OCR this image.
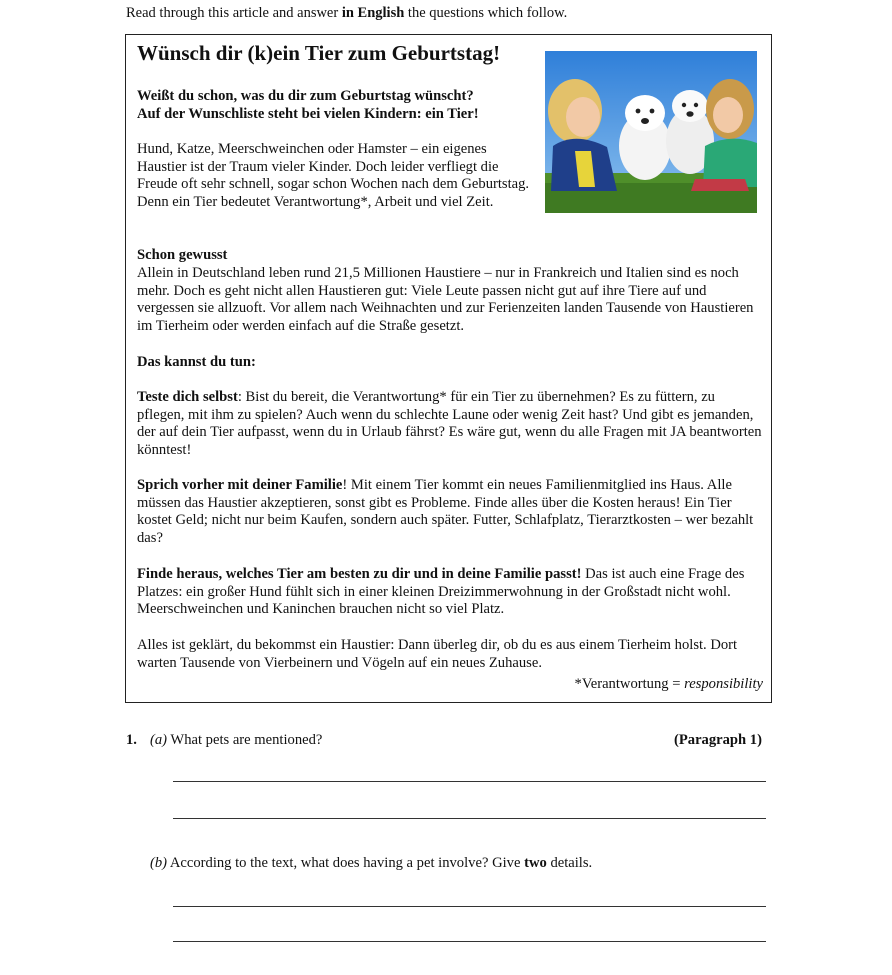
Read through this article and answer in English the questions which follow.
Wünsch dir (k)ein Tier zum Geburtstag!

Weißt du schon, was du dir zum Geburtstag wünscht?
Auf der Wunschliste steht bei vielen Kindern: ein Tier!

Hund, Katze, Meerschweinchen oder Hamster – ein eigenes Haustier ist der Traum vieler Kinder. Doch leider verfliegt die Freude oft sehr schnell, sogar schon Wochen nach dem Geburtstag. Denn ein Tier bedeutet Verantwortung*, Arbeit und viel Zeit.

Schon gewusst

Allein in Deutschland leben rund 21,5 Millionen Haustiere – nur in Frankreich und Italien sind es noch mehr. Doch es geht nicht allen Haustieren gut: Viele Leute passen nicht gut auf ihre Tiere auf und vergessen sie allzuoft. Vor allem nach Weihnachten und zur Ferienzeiten landen Tausende von Haustieren im Tierheim oder werden einfach auf die Straße gesetzt.

Das kannst du tun:

Teste dich selbst: Bist du bereit, die Verantwortung* für ein Tier zu übernehmen? Es zu füttern, zu pflegen, mit ihm zu spielen? Auch wenn du schlechte Laune oder wenig Zeit hast? Und gibt es jemanden, der auf dein Tier aufpasst, wenn du in Urlaub fährst? Es wäre gut, wenn du alle Fragen mit JA beantworten könntest!

Sprich vorher mit deiner Familie! Mit einem Tier kommt ein neues Familienmitglied ins Haus. Alle müssen das Haustier akzeptieren, sonst gibt es Probleme. Finde alles über die Kosten heraus! Ein Tier kostet Geld; nicht nur beim Kaufen, sondern auch später. Futter, Schlafplatz, Tierarztkosten – wer bezahlt das?

Finde heraus, welches Tier am besten zu dir und in deine Familie passt! Das ist auch eine Frage des Platzes: ein großer Hund fühlt sich in einer kleinen Dreizimmerwohnung in der Großstadt nicht wohl. Meerschweinchen und Kaninchen brauchen nicht so viel Platz.

Alles ist geklärt, du bekommst ein Haustier: Dann überleg dir, ob du es aus einem Tierheim holst. Dort warten Tausende von Vierbeinern und Vögeln auf ein neues Zuhause.

*Verantwortung = responsibility
1. (a) What pets are mentioned?	(Paragraph 1)
(b) According to the text, what does having a pet involve? Give two details.
